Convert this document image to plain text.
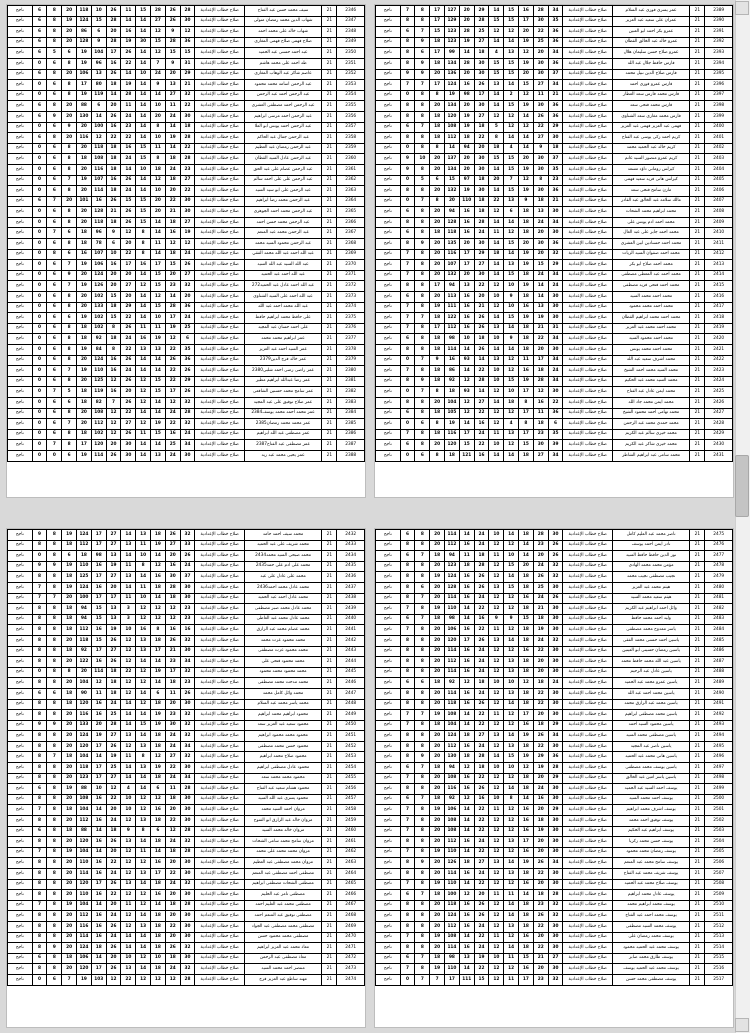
2346	21	سيف محمد حسن عبد الفتاح	صلاح خطاب الإعدادية	28	26	28	15	11	26	10	118	20	8	6	ناجح
2347	21	شهاب الدين محمد رمضان متولى	صلاح خطاب الإعدادية	30	26	27	14	14	28	15	124	19	8	6	ناجح
2348	21	شهاب خالد على محمد احمد	صلاح خطاب الإعدادية	12	9	12	14	16	20	6	86	20	8	6	ناجح
2349	21	صلاح فهمى صلاح فهمى المغازى	صلاح خطاب الإعدادية	36	28	15	30	19	28	9	128	20	8	6	ناجح
2350	21	عبد احمد حسنى عبد الحميد	صلاح خطاب الإعدادية	15	15	12	14	26	17	104	19	6	5	6	ناجح
2351	21	طه احمد على محمد هاشم	صلاح خطاب الإعدادية	31	9	7	14	22	16	96	19	8	6	0	ناجح
2352	21	عاصم شاكر عبد الوهاب المغازى	صلاح خطاب الإعدادية	29	20	24	10	14	26	13	106	20	8	6	ناجح
2353	21	عبد الرحمن اسامه محمد محمود	صلاح خطاب الإعدادية	21	13	9	14	19	18	80	17	8	6	0	ناجح
2354	21	عبد الرحمن احمد عبد الرحمن	صلاح خطاب الإعدادية	32	27	14	14	28	14	119	19	8	6	0	ناجح
2355	21	عبد الرحمن احمد مصطفى العشرى	صلاح خطاب الإعدادية	22	11	10	14	11	20	6	88	20	8	6	ناجح
2356	21	عبد الرحمن احمد مرسى ابراهيم	صلاح خطاب الإعدادية	30	24	20	14	24	26	14	130	20	9	6	ناجح
2357	21	عبد الرحمن احمد يونس ابو العلا	صلاح خطاب الإعدادية	18	14	8	14	23	16	100	20	9	6	0	ناجح
2358	21	عبد الرحمن جمال عبد الحاكم	صلاح خطاب الإعدادية	28	19	10	14	22	22	12	116	20	8	6	ناجح
2359	21	عبد الرحمن رمضان عبد العظيم	صلاح خطاب الإعدادية	22	14	11	15	16	18	118	20	8	6	0	ناجح
2360	21	عبد الرحمن عادل السيد القطان	صلاح خطاب الإعدادية	28	18	8	15	24	18	108	18	8	6	0	ناجح
2361	21	عبد الرحمن عصام على عبد الحق	صلاح خطاب الإعدادية	23	24	18	10	14	18	116	20	8	6	0	ناجح
2362	21	عبد الرحمن على على احمد سالم	صلاح خطاب الإعدادية	27	18	12	14	26	16	107	19	7	6	0	ناجح
2363	21	عبد الرحمن على ابو سيد السيد	صلاح خطاب الإعدادية	22	20	10	14	24	18	114	20	8	6	0	ناجح
2364	21	عبد الرحمن محمد رضا ابراهيم	صلاح خطاب الإعدادية	30	22	20	15	15	26	16	101	20	7	6	ناجح
2365	21	عبد الرحمن محمد احمد الجوهرى	صلاح خطاب الإعدادية	30	21	20	15	26	21	128	20	8	6	0	ناجح
2366	21	عبد الرحمن محمد حسن احمد	صلاح خطاب الإعدادية	27	18	14	15	26	18	118	20	8	6	0	ناجح
2367	21	عبد الرحمن محمد عبد المنعم	صلاح خطاب الإعدادية	19	16	14	8	12	9	96	18	6	7	0	ناجح
2368	21	عبد الرحمن محمود السيد محمد	صلاح خطاب الإعدادية	12	12	11	8	20	6	78	18	8	6	0	ناجح
2369	21	عبد الله احمد عبد الله محمد الفقي	صلاح خطاب الإعدادية	24	18	14	8	22	10	107	16	6	8	0	ناجح
2370	21	عبد الله السيد عبد الله السيد	صلاح خطاب الإعدادية	26	15	17	16	17	16	106	19	7	6	0	ناجح
2371	21	عبد الله احمد عبد الحميد	صلاح خطاب الإعدادية	27	20	15	14	20	20	124	20	9	6	0	ناجح
2372	21	عبد الله احمد عادل عبد الحميد272	صلاح خطاب الإعدادية	32	23	15	12	27	20	126	19	7	6	0	ناجح
2373	21	عبد الله احمد على السيد الشناوى	صلاح خطاب الإعدادية	20	14	12	14	20	15	102	20	8	6	0	ناجح
2374	21	عبد الله محمد احمد عبد الله	صلاح خطاب الإعدادية	36	28	15	14	29	18	133	20	8	6	0	ناجح
2375	21	على حافظ محمد ابراهيم حافظ	صلاح خطاب الإعدادية	24	17	10	14	22	15	102	19	6	6	0	ناجح
2376	21	على احمد حسان عبد المجيد	صلاح خطاب الإعدادية	25	19	11	11	26	8	102	18	8	6	0	ناجح
2377	21	عمر ابراهيم محمد محمد	صلاح خطاب الإعدادية	6	12	19	16	24	18	92	18	8	6	0	ناجح
2378	21	عمر السيد احمد عبد العزيز	صلاح خطاب الإعدادية	35	22	13	13	22	8	84	19	8	6	0	ناجح
2379	21	عمر خالد فرج الدين2379	صلاح خطاب الإعدادية	36	26	14	14	26	16	124	20	8	6	0	ناجح
2380	21	عمر راضى رضى احمد شلبى2380	صلاح خطاب الإعدادية	26	22	14	14	24	16	110	19	7	6	0	ناجح
2381	21	عمر رضا عبدالله ابراهيم مطير	صلاح خطاب الإعدادية	29	22	15	12	26	12	125	20	8	6	0	ناجح
2382	21	عمر سامح محمد حسنين الشافعى	صلاح خطاب الإعدادية	26	17	15	12	20	16	119	18	5	7	0	ناجح
2383	21	عمر صلاح توفيق على عبد المجيد	صلاح خطاب الإعدادية	32	12	14	12	26	7	82	18	6	6	0	ناجح
2384	21	عمر محمد احمد محمد يوسف2384	صلاح خطاب الإعدادية	28	24	14	14	22	12	108	20	8	6	0	ناجح
2385	21	عمر محمد محمد رمضان2385	صلاح خطاب الإعدادية	32	22	19	12	27	12	112	20	7	6	0	ناجح
2386	21	عمر مصطفى عبد الله ابراهيم	صلاح خطاب الإعدادية	24	16	15	11	26	12	102	18	8	6	0	ناجح
2387	21	عمر مصطفى عبد الفتاح2387	صلاح خطاب الإعدادية	34	25	14	14	30	20	120	17	8	7	0	ناجح
2388	21	عمر يحيى محمد عبد ربه	صلاح خطاب الإعدادية	30	24	13	14	30	26	114	19	6	0	0	ناجح
2389	21	عمر يسرى فوزى عبد السلام	صلاح خطاب الإعدادية	34	28	16	15	14	29	20	127	17	8	7	ناجح
2390	21	عمران على سعيد عبد العزيز	صلاح خطاب الإعدادية	35	30	17	15	15	28	20	129	17	8	8	ناجح
2391	21	عمرو بكر احمد ابو العنين	صلاح خطاب الإعدادية	36	22	20	12	12	25	28	123	15	7	6	ناجح
2392	21	عمرو خالد عبد الخالق القطان	صلاح خطاب الإعدادية	36	25	19	14	14	27	19	123	18	9	8	ناجح
2393	21	عمرو صلاح حسن سليمان هلال	صلاح خطاب الإعدادية	34	20	12	13	4	18	14	99	17	6	8	ناجح
2394	21	فارس حافظ جلال عبد الله	صلاح خطاب الإعدادية	36	30	19	15	15	30	28	134	18	9	8	ناجح
2395	21	فارس صلاح الدين نبيل محمد	صلاح خطاب الإعدادية	37	30	20	15	15	30	20	136	20	9	9	ناجح
2396	21	فارس عمرو فوزى احمد	صلاح خطاب الإعدادية	34	27	15	14	13	26	16	124	17	7	7	ناجح
2397	21	فارس محمد فارس سعد العطار	صلاح خطاب الإعدادية	21	11	12	2	14	17	98	19	8	8	0	ناجح
2398	21	فارس محمد فتحى سعد	صلاح خطاب الإعدادية	36	30	19	15	14	30	20	134	20	8	8	ناجح
2399	21	فارس محمد مغازى سعد الشناوى	صلاح خطاب الإعدادية	36	26	14	12	12	27	19	120	18	8	8	ناجح
2400	21	فهمى عبد العزيز فهمى عبد العزيز	صلاح خطاب الإعدادية	29	22	12	12	5	18	19	108	18	7	6	ناجح
2401	21	كريم احمد زكى يوسى عبد الفتاح	صلاح خطاب الإعدادية	30	27	14	14	8	22	18	112	18	8	8	ناجح
2402	21	كريم خالد عبد الحميد محمد	صلاح خطاب الإعدادية	18	9	14	4	18	20	94	14	8	8	0	ناجح
2403	21	كريم عمرو منصور السيد غانم	صلاح خطاب الإعدادية	37	30	20	15	15	30	20	137	20	10	9	ناجح
2404	21	كيرلس روماني داؤد مسعد	صلاح خطاب الإعدادية	35	30	19	15	14	30	20	134	20	8	9	ناجح
2405	21	كيرلس هانى فريد سعيد فهمى	صلاح خطاب الإعدادية	23	8	12	7	20	18	97	15	6	5	0	ناجح
2406	21	مازن سامح فتحى سعد	صلاح خطاب الإعدادية	36	30	19	15	14	30	19	132	20	8	8	ناجح
2407	21	مالك سلامه عبد الخالق عبد القادر	صلاح خطاب الإعدادية	21	18	9	13	22	18	110	20	8	7	0	ناجح
2408	21	محمد ابراهيم محمد الشحات	صلاح خطاب الإعدادية	30	13	18	6	12	18	16	94	20	8	6	ناجح
2409	21	محمد احمد ادم يونس على	صلاح خطاب الإعدادية	34	24	18	14	14	28	16	128	20	8	8	ناجح
2410	21	محمد احمد جابر على عبد العال	صلاح خطاب الإعدادية	30	20	18	12	11	24	16	118	18	8	6	ناجح
2411	21	محمد احمد حسنادين ابين العشرى	صلاح خطاب الإعدادية	36	30	20	15	14	30	20	135	20	9	8	ناجح
2412	21	محمد احمد صفوان السيد الزيات	صلاح خطاب الإعدادية	32	20	19	14	18	29	17	116	20	8	7	ناجح
2413	21	محمد احمد صلاح ابو بكر	صلاح خطاب الإعدادية	29	15	19	13	14	27	17	107	20	8	7	ناجح
2414	21	محمد احمد عبد المعطى مصطفى	صلاح خطاب الإعدادية	34	24	18	15	14	30	20	132	20	8	7	ناجح
2415	21	محمد احمد فتحى فريد مصطفى	صلاح خطاب الإعدادية	24	14	19	10	12	22	13	94	17	8	8	ناجح
2416	21	محمد احمد محمد السيد	صلاح خطاب الإعدادية	30	14	18	9	10	20	16	113	20	8	6	ناجح
2417	21	محمد احمد محمد محمود	صلاح خطاب الإعدادية	30	13	16	10	12	21	16	111	19	8	7	ناجح
2418	21	محمد احمد محمد ابراهيم القطان	صلاح خطاب الإعدادية	30	19	19	15	14	26	16	122	18	7	7	ناجح
2419	21	محمد احمد محمد عبد العزيز	صلاح خطاب الإعدادية	31	21	18	14	13	26	16	112	17	8	7	ناجح
2420	21	محمد احمد محمود السيد	صلاح خطاب الإعدادية	34	22	18	9	10	18	10	98	18	8	6	ناجح
2421	21	محمد احمد محمد يونس	صلاح خطاب الإعدادية	30	20	18	14	14	26	14	114	18	8	8	ناجح
2422	21	محمد اشرف سعيد عبد الله	صلاح خطاب الإعدادية	34	17	11	12	13	14	93	16	9	7	0	ناجح
2423	21	محمد السيد محمد احمد الشيخ	صلاح خطاب الإعدادية	24	18	16	12	10	22	14	86	18	8	7	ناجح
2424	21	محمد السيد محمد عبد الحكيم	صلاح خطاب الإعدادية	34	28	19	15	10	28	12	92	18	9	8	ناجح
2425	21	محمد ايمن عادل عبد الفتاح	صلاح خطاب الإعدادية	30	12	17	10	12	14	93	18	8	7	0	ناجح
2426	21	محمد ايمن محمد جاد الله	صلاح خطاب الإعدادية	22	16	8	18	14	27	12	104	20	8	8	ناجح
2427	21	محمد تهامى احمد محمود الشيخ	صلاح خطاب الإعدادية	36	11	17	12	12	22	12	105	18	8	6	ناجح
2428	21	محمد حمدى محمد عبد الرحمن	صلاح خطاب الإعدادية	6	18	8	4	12	16	14	19	8	6	0	ناجح
2429	21	محمد خيرى سالم عبد الكريم	صلاح خطاب الإعدادية	35	23	17	13	11	24	17	116	18	8	7	ناجح
2430	21	محمد خيرى شاكر عبد الكريم	صلاح خطاب الإعدادية	39	30	15	12	10	22	15	120	20	8	6	ناجح
2431	21	محمد سامى عبد ابراهيم الشاطر	صلاح خطاب الإعدادية	34	27	18	14	14	16	121	18	8	6	0	ناجح
2432	21	محمد سيف احمد حامد	صلاح خطاب الإعدادية	32	26	18	13	14	27	17	124	19	8	9	ناجح
2433	21	محمد شريف على عبد الحميد	صلاح خطاب الإعدادية	33	27	19	11	13	27	17	112	18	8	8	ناجح
2434	21	محمد صبحى السيد محمد2434	صلاح خطاب الإعدادية	26	20	14	10	14	13	98	18	6	8	0	ناجح
2435	21	محمد على ادم على حمد2435	صلاح خطاب الإعدادية	24	16	12	8	11	19	16	110	19	9	9	ناجح
2436	21	محمد على عادل على عبد	صلاح خطاب الإعدادية	37	30	16	14	13	27	17	125	18	8	8	ناجح
2437	21	محمد عادل محمد احمد2436	صلاح خطاب الإعدادية	30	28	18	11	14	20	16	124	19	8	7	ناجح
2438	21	محمد عادل احمد عبد الحميد	صلاح خطاب الإعدادية	30	18	14	10	11	17	17	100	20	7	7	ناجح
2439	21	محمد عادل محمد صبر مصطفى	صلاح خطاب الإعدادية	23	12	12	12	3	13	15	94	18	8	8	ناجح
2440	21	محمد عادل محمد عبد العاطى	صلاح خطاب الإعدادية	23	12	12	12	3	13	15	94	18	8	8	ناجح
2441	21	محمد عصام محمد عبد الرازق	صلاح خطاب الإعدادية	16	16	8	16	10	19	16	112	18	8	8	ناجح
2442	21	محمد محمود عزت محمد	صلاح خطاب الإعدادية	32	26	18	13	12	26	15	118	20	8	8	ناجح
2443	21	محمد محمود عزت مصطفى	صلاح خطاب الإعدادية	30	21	17	13	12	27	17	92	18	8	8	ناجح
2444	21	محمد محمود فتحى على	صلاح خطاب الإعدادية	34	23	14	14	12	26	16	122	20	8	8	ناجح
2445	21	محمد محمود محمد محمود	صلاح خطاب الإعدادية	32	17	19	12	22	18	114	20	8	8	0	ناجح
2446	21	محمد مدحت محمد مصطفى	صلاح خطاب الإعدادية	23	18	14	12	12	18	12	104	20	8	8	ناجح
2447	21	محمد وائل كامل محمد	صلاح خطاب الإعدادية	26	11	6	14	12	18	11	90	18	6	6	ناجح
2448	21	محمد ياسر محمد عبد السلام	صلاح خطاب الإعدادية	30	20	18	12	14	24	16	120	18	8	8	ناجح
2449	21	محمود ابراهيم محمد ابراهيم	صلاح خطاب الإعدادية	32	23	19	14	14	25	16	116	20	8	8	ناجح
2450	21	محمود سعيد عبد العزيز سعد	صلاح خطاب الإعدادية	32	30	19	15	14	28	20	133	20	9	9	ناجح
2451	21	محمود محمد محمود ابراهيم	صلاح خطاب الإعدادية	32	24	18	14	13	27	19	124	20	8	8	ناجح
2452	21	محمود حسن محمد مصطفى	صلاح خطاب الإعدادية	34	24	18	13	12	26	17	120	20	8	8	ناجح
2453	21	محمود صلاح محمد ابراهيم	صلاح خطاب الإعدادية	32	27	12	8	11	19	14	104	18	7	8	ناجح
2454	21	محمود عادل مصطفى ابراهيم	صلاح خطاب الإعدادية	30	22	19	13	14	25	17	118	20	8	8	ناجح
2455	21	محمود محمد محمد سعد	صلاح خطاب الإعدادية	34	24	18	14	14	27	17	123	20	8	8	ناجح
2456	21	محمود هشام سعيد عبد الفتاح	صلاح خطاب الإعدادية	28	11	6	14	4	12	10	88	19	8	6	ناجح
2457	21	محمود يسرى عبد الله السيد	صلاح خطاب الإعدادية	30	18	12	12	10	22	16	108	20	8	8	ناجح
2458	21	مروان احمد السيد محمد	صلاح خطاب الإعدادية	30	20	16	12	10	20	14	104	18	8	7	ناجح
2459	21	مروان خالد عبد الرازق ابو الفتوح	صلاح خطاب الإعدادية	30	22	18	13	12	24	16	112	20	8	8	ناجح
2460	21	مروان خالد محمد السيد	صلاح خطاب الإعدادية	28	12	6	8	9	18	14	88	18	8	6	ناجح
2461	21	مروان سامح محمد سامى الشحات	صلاح خطاب الإعدادية	32	24	18	14	13	26	16	120	20	8	8	ناجح
2462	21	مروان محمد محمد على محمد	صلاح خطاب الإعدادية	28	18	14	11	12	20	14	104	19	8	7	ناجح
2463	21	مروان محمد مصطفى عبد العظيم	صلاح خطاب الإعدادية	30	20	16	12	12	22	16	110	20	8	8	ناجح
2464	21	مصطفى احمد مصطفى عبد المنعم	صلاح خطاب الإعدادية	30	22	17	13	12	24	16	114	20	8	8	ناجح
2465	21	مصطفى الشحات مصطفى ابراهيم	صلاح خطاب الإعدادية	32	24	18	14	13	26	17	120	20	8	8	ناجح
2466	21	مصطفى تامر عبد الحليم	صلاح خطاب الإعدادية	30	20	16	12	12	22	16	110	20	8	8	ناجح
2467	21	مصطفى محمد عبد العليم احمد	صلاح خطاب الإعدادية	28	18	14	12	11	20	14	104	19	8	7	ناجح
2468	21	مصطفى توفيق عبد المنعم احمد	صلاح خطاب الإعدادية	30	20	18	14	12	24	16	112	20	8	8	ناجح
2469	21	مصطفى محمد مصطفى عبد الجواد	صلاح خطاب الإعدادية	30	22	18	13	12	26	16	116	20	8	8	ناجح
2470	21	مصطفى محمد محمود حسن	صلاح خطاب الإعدادية	30	20	18	14	14	24	16	114	20	8	8	ناجح
2471	21	معاذ محمد عبد العزيز ابراهيم	صلاح خطاب الإعدادية	32	26	18	14	14	26	18	124	20	9	8	ناجح
2472	21	معاذ مصطفى عبد الرحمن	صلاح خطاب الإعدادية	30	18	10	12	10	20	14	106	18	8	6	ناجح
2473	21	منتصر احمد محمد السيد	صلاح خطاب الإعدادية	32	24	18	14	13	26	17	120	20	8	8	ناجح
2474	21	مهند ساطع عبد العزيز فرج	صلاح خطاب الإعدادية	28	12	12	12	22	12	103	19	7	6	0	ناجح
2475	21	ناصر محمد عبد العليم كامل	صلاح خطاب الإعدادية	30	28	18	14	10	24	14	114	20	8	6	ناجح
2476	21	نادر ايمن احمد يوسف	صلاح خطاب الإعدادية	26	23	14	12	12	24	16	112	20	8	8	ناجح
2477	21	نور الدين حافظ حافظ السيد	صلاح خطاب الإعدادية	26	20	14	10	11	18	11	94	18	7	6	ناجح
2478	21	مؤمن محمد محمد الهادى	صلاح خطاب الإعدادية	32	24	20	15	12	28	18	123	20	8	8	ناجح
2479	21	نجيب مصطفى نجيب محمد	صلاح خطاب الإعدادية	32	26	18	14	12	26	16	124	19	8	8	ناجح
2480	21	هيثم محمد عبد العزيز	صلاح خطاب الإعدادية	30	25	18	15	13	26	16	128	20	6	8	ناجح
2481	21	هيثم سعيد محمد السيد	صلاح خطاب الإعدادية	26	24	16	12	12	24	16	114	20	7	8	ناجح
2482	21	وائل احمد ابراهيم عبد الكريم	صلاح خطاب الإعدادية	30	21	18	12	12	22	14	110	19	8	7	ناجح
2483	21	وليد احمد محمد حافظ	صلاح خطاب الإعدادية	30	18	15	9	9	16	14	98	18	7	6	ناجح
2484	21	ياسر ممدوح محمد مصطفى	صلاح خطاب الإعدادية	30	19	18	12	11	22	16	106	20	8	7	ناجح
2485	21	ياسين احمد حسنى محمد الفقى	صلاح خطاب الإعدادية	32	24	18	14	13	26	17	120	20	8	8	ناجح
2486	21	ياسين رمضان حسينى ابو العينين	صلاح خطاب الإعدادية	30	22	16	12	12	24	16	114	20	8	8	ناجح
2487	21	ياسين عبد الله محمد حافظ محمد	صلاح خطاب الإعدادية	30	20	18	13	12	24	16	112	20	8	8	ناجح
2488	21	ياسين عادل عبد الرحيم	صلاح خطاب الإعدادية	30	20	18	13	12	24	16	114	20	8	8	ناجح
2489	21	ياسين عمرو محمد عبد الحميد	صلاح خطاب الإعدادية	24	18	12	10	10	18	12	92	18	6	6	ناجح
2490	21	ياسين محمد احمد عبد الله	صلاح خطاب الإعدادية	30	22	18	13	12	24	16	114	20	8	8	ناجح
2491	21	ياسين محمد عبد الرازق محمد	صلاح خطاب الإعدادية	30	22	18	14	12	26	16	118	20	8	8	ناجح
2492	21	ياسين محمد مصطفى ابراهيم	صلاح خطاب الإعدادية	30	20	17	12	11	22	14	108	19	7	7	ناجح
2493	21	ياسين محمود السيد احمد	صلاح خطاب الإعدادية	29	18	16	12	12	22	14	104	18	8	7	ناجح
2494	21	ياسين مصطفى محمد السيد	صلاح خطاب الإعدادية	34	26	19	14	13	27	18	124	20	8	8	ناجح
2495	21	ياسين ناصر عبد المجيد	صلاح خطاب الإعدادية	30	22	18	13	12	24	16	112	20	8	8	ناجح
2496	21	ياسين هانى محمد عبد الحميد	صلاح خطاب الإعدادية	36	29	19	15	14	28	18	130	20	9	8	ناجح
2497	21	ياسين يوسف محمد مصطفى	صلاح خطاب الإعدادية	28	19	12	10	10	18	12	94	18	7	6	ناجح
2498	21	ياسين ياسر امين عبد الخالق	صلاح خطاب الإعدادية	29	20	18	12	12	22	16	108	20	8	7	ناجح
2499	21	يوسف احمد السيد عبد الحميد	صلاح خطاب الإعدادية	30	24	18	14	12	26	16	116	20	8	8	ناجح
2500	21	يوسف احمد محمد السيد	صلاح خطاب الإعدادية	30	16	14	8	10	16	12	92	18	7	6	ناجح
2501	21	يوسف اشرف محمد ابراهيم	صلاح خطاب الإعدادية	29	20	16	12	11	22	14	106	19	8	7	ناجح
2502	21	يوسف توفيق احمد محمد	صلاح خطاب الإعدادية	30	18	16	12	12	22	14	108	20	8	7	ناجح
2503	21	يوسف ابراهيم عبد الحكيم	صلاح خطاب الإعدادية	30	19	16	12	12	22	14	108	20	8	7	ناجح
2504	21	يوسف حسن محمد زكريا	صلاح خطاب الإعدادية	30	20	17	13	12	24	16	112	20	8	8	ناجح
2505	21	يوسف رمضان محمد محمود	صلاح خطاب الإعدادية	30	20	16	12	12	22	14	110	19	8	7	ناجح
2506	21	يوسف سامح محمد عبد المنعم	صلاح خطاب الإعدادية	34	26	19	14	13	27	18	126	20	9	8	ناجح
2507	21	يوسف شريف محمد عبد الفتاح	صلاح خطاب الإعدادية	30	22	18	13	12	24	16	114	20	8	8	ناجح
2508	21	يوسف صلاح محمد عبد الحميد	صلاح خطاب الإعدادية	30	20	16	12	12	22	14	110	19	8	7	ناجح
2509	21	يوسف عادل محمد ابراهيم	صلاح خطاب الإعدادية	28	18	14	11	11	20	12	100	18	7	6	ناجح
2510	21	يوسف محمد ابراهيم محمد	صلاح خطاب الإعدادية	32	23	18	14	12	26	16	118	20	8	8	ناجح
2511	21	يوسف محمد احمد عبد الفتاح	صلاح خطاب الإعدادية	32	26	18	14	12	26	16	124	20	8	8	ناجح
2512	21	يوسف محمد السيد مصطفى	صلاح خطاب الإعدادية	30	22	18	13	12	24	16	112	20	8	8	ناجح
2513	21	يوسف محمد رمضان على	صلاح خطاب الإعدادية	30	20	16	12	11	22	14	108	19	8	7	ناجح
2514	21	يوسف محمد عبد الحميد محمود	صلاح خطاب الإعدادية	30	22	18	14	12	24	16	114	20	8	8	ناجح
2515	21	يوسف طارق محمد صابر	صلاح خطاب الإعدادية	27	21	15	11	10	19	13	98	18	7	6	ناجح
2516	21	يوسف محمد عبد الحميد يوسف	صلاح خطاب الإعدادية	30	20	16	12	12	22	14	110	19	8	7	ناجح
2517	21	يوسف مصطفى محمد حسن	صلاح خطاب الإعدادية	32	23	17	11	12	15	111	17	7	7	0	ناجح
